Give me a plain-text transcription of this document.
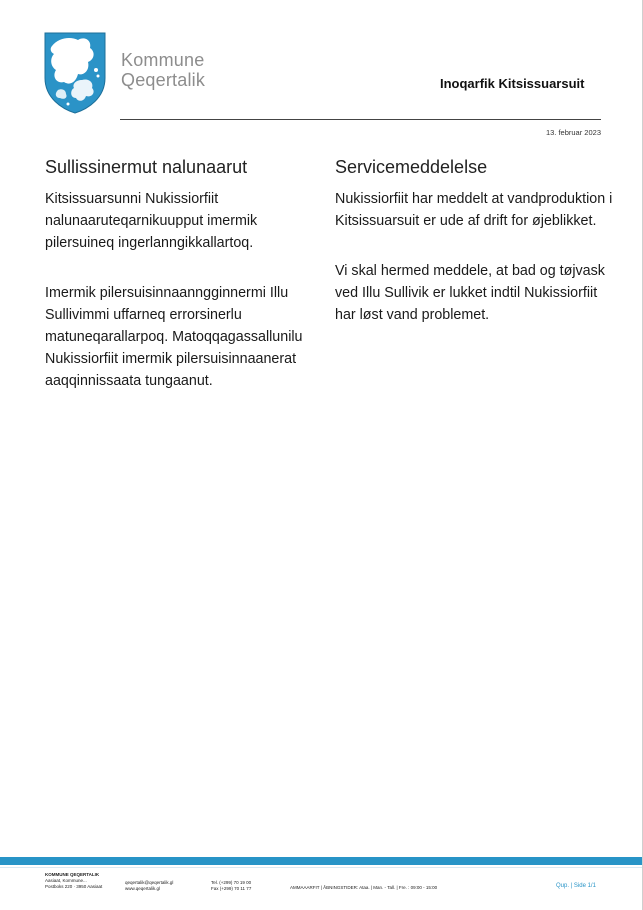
Kommune
Qeqertalik	Inoqarfik Kitsissuarsuit
13. februar 2023
Sullissinermut nalunaarut

Kitsissuarsunni Nukissiorfiit nalunaaruteqarnikuupput imermik pilersuineq ingerlanngikkallartoq.

Imermik pilersuisinnaanngginnermi Illu Sullivimmi uffarneq errorsinerlu matuneqarallarpoq. Matoqqagassallunilu Nukissiorfiit imermik pilersuisinnaanerat aaqqinnissaata tungaanut.

Servicemeddelelse

Nukissiorfiit har meddelt at vandproduktion i Kitsissuarsuit er ude af drift for øjeblikket.

Vi skal hermed meddele, at bad og tøjvask ved Illu Sullivik er lukket indtil Nukissiorfiit har løst vand problemet.

KOMMUNE QEQERTALIK
Aasiaat, Kommune...
Postboks 220 · 3950 Aasiaat
qeqertalik@qeqertalik.gl
www.qeqertalik.gl
Tel. (+299) 70 19 00
Fax (+299) 70 11 77	AMMAAARFIT | ÅBNINGSTIDER: Ataa. | Man. - Tall. | Fre. : 09:00 - 15:00	Qup. | Side 1/1
